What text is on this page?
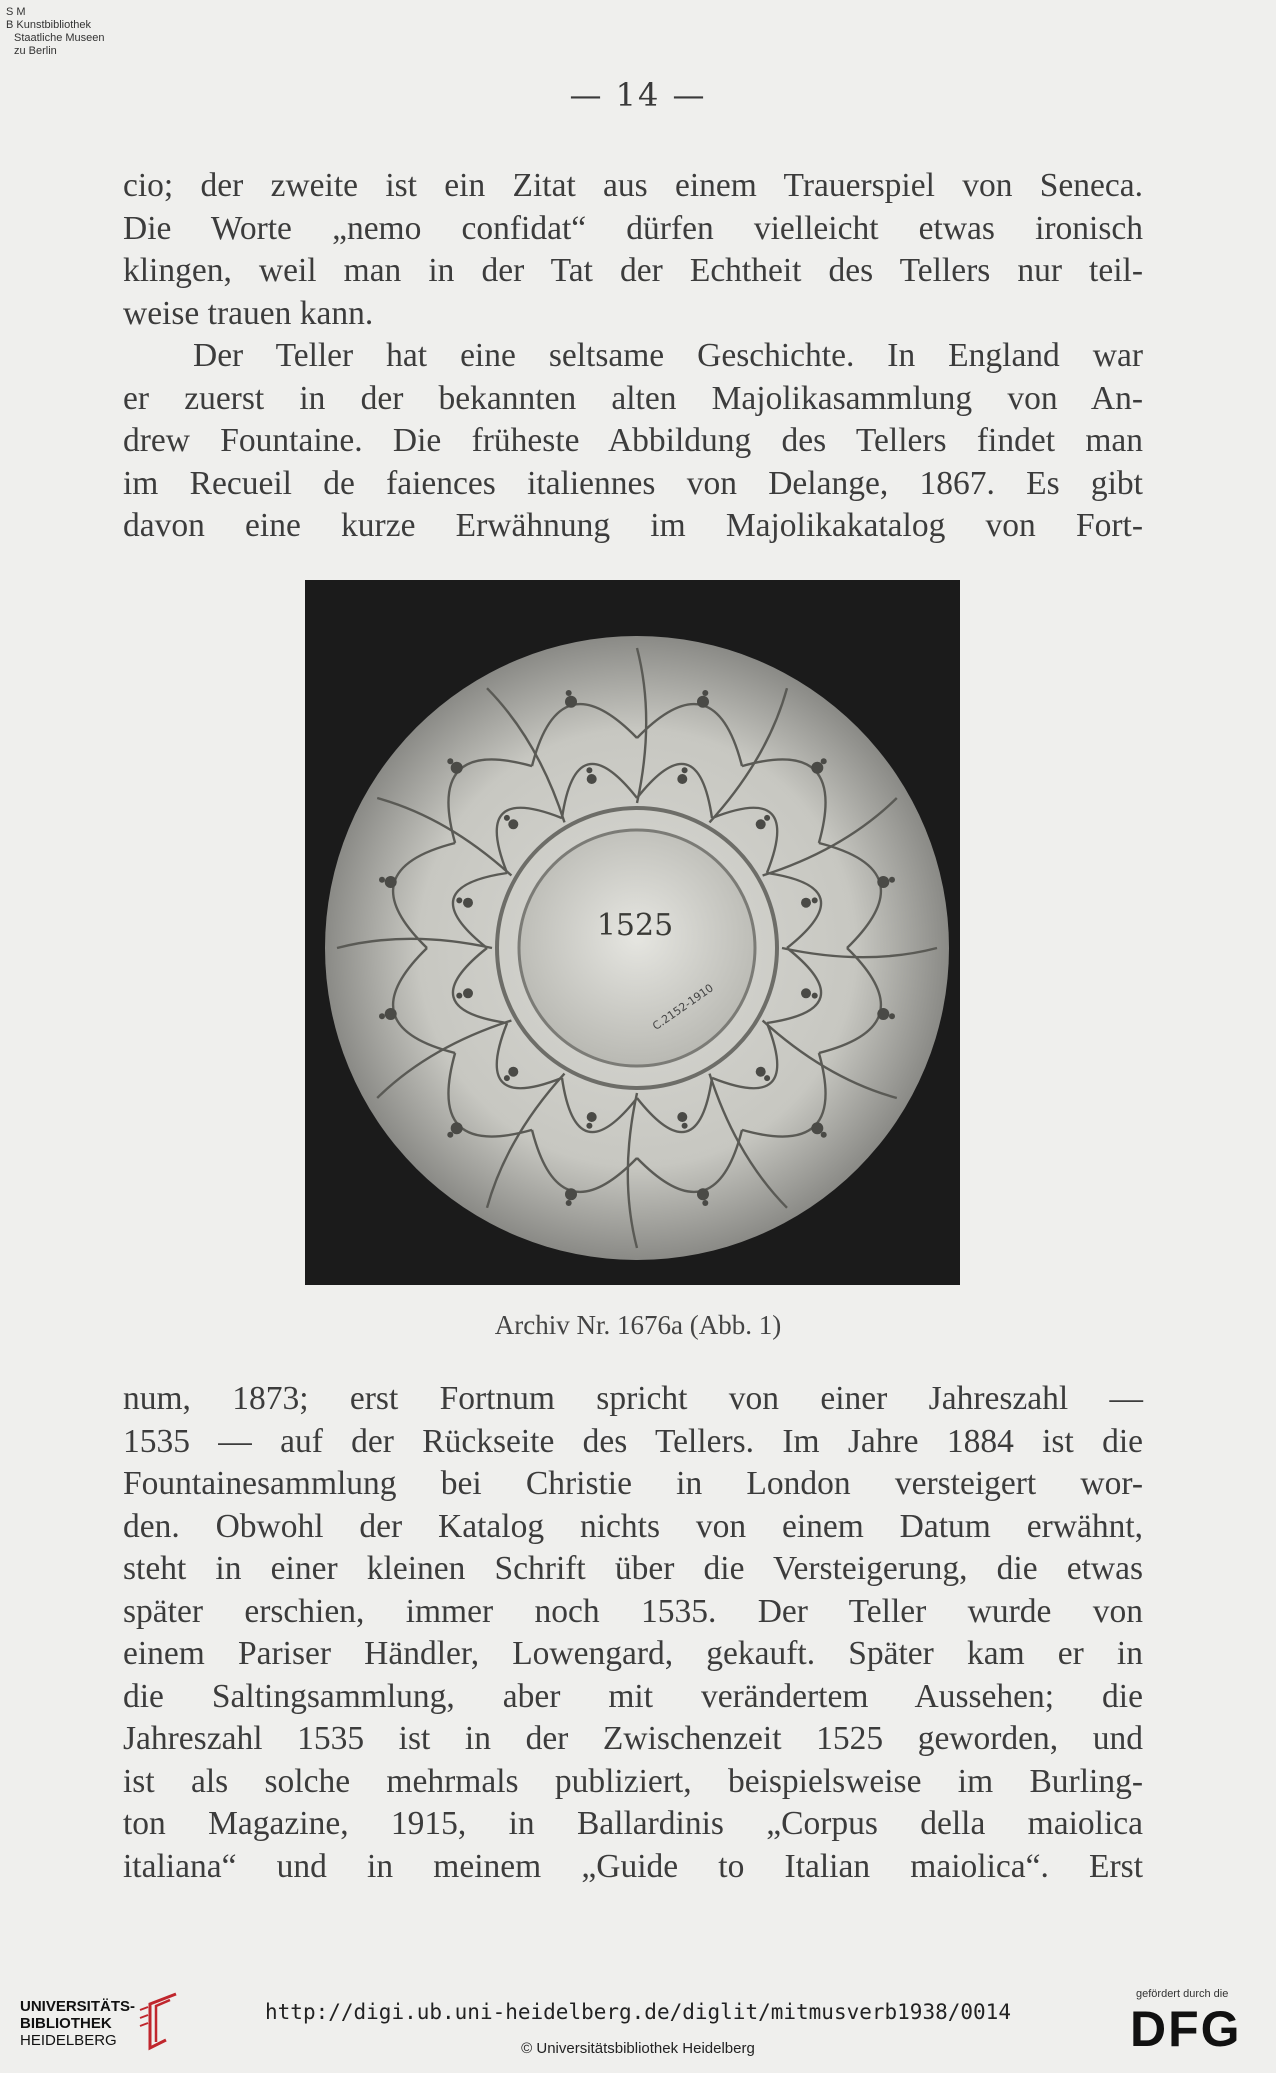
S M
B Kunstbibliothek
Staatliche Museen
zu Berlin
— 14 —
cio; der zweite ist ein Zitat aus einem Trauerspiel von Seneca.
Die Worte „nemo confidat“ dürfen vielleicht etwas ironisch
klingen, weil man in der Tat der Echtheit des Tellers nur teil-
weise trauen kann.
Der Teller hat eine seltsame Geschichte. In England war
er zuerst in der bekannten alten Majolikasammlung von An-
drew Fountaine. Die früheste Abbildung des Tellers findet man
im Recueil de faiences italiennes von Delange, 1867. Es gibt
davon eine kurze Erwähnung im Majolikakatalog von Fort-
1525
C.2152-1910
Archiv Nr. 1676a (Abb. 1)
num, 1873; erst Fortnum spricht von einer Jahreszahl —
1535 — auf der Rückseite des Tellers. Im Jahre 1884 ist die
Fountainesammlung bei Christie in London versteigert wor-
den. Obwohl der Katalog nichts von einem Datum erwähnt,
steht in einer kleinen Schrift über die Versteigerung, die etwas
später erschien, immer noch 1535. Der Teller wurde von
einem Pariser Händler, Lowengard, gekauft. Später kam er in
die Saltingsammlung, aber mit verändertem Aussehen; die
Jahreszahl 1535 ist in der Zwischenzeit 1525 geworden, und
ist als solche mehrmals publiziert, beispielsweise im Burling-
ton Magazine, 1915, in Ballardinis „Corpus della maiolica
italiana“ und in meinem „Guide to Italian maiolica“. Erst
UNIVERSITÄTS-
BIBLIOTHEK
HEIDELBERG
http://digi.ub.uni-heidelberg.de/diglit/mitmusverb1938/0014
© Universitätsbibliothek Heidelberg
gefördert durch die
DFG
